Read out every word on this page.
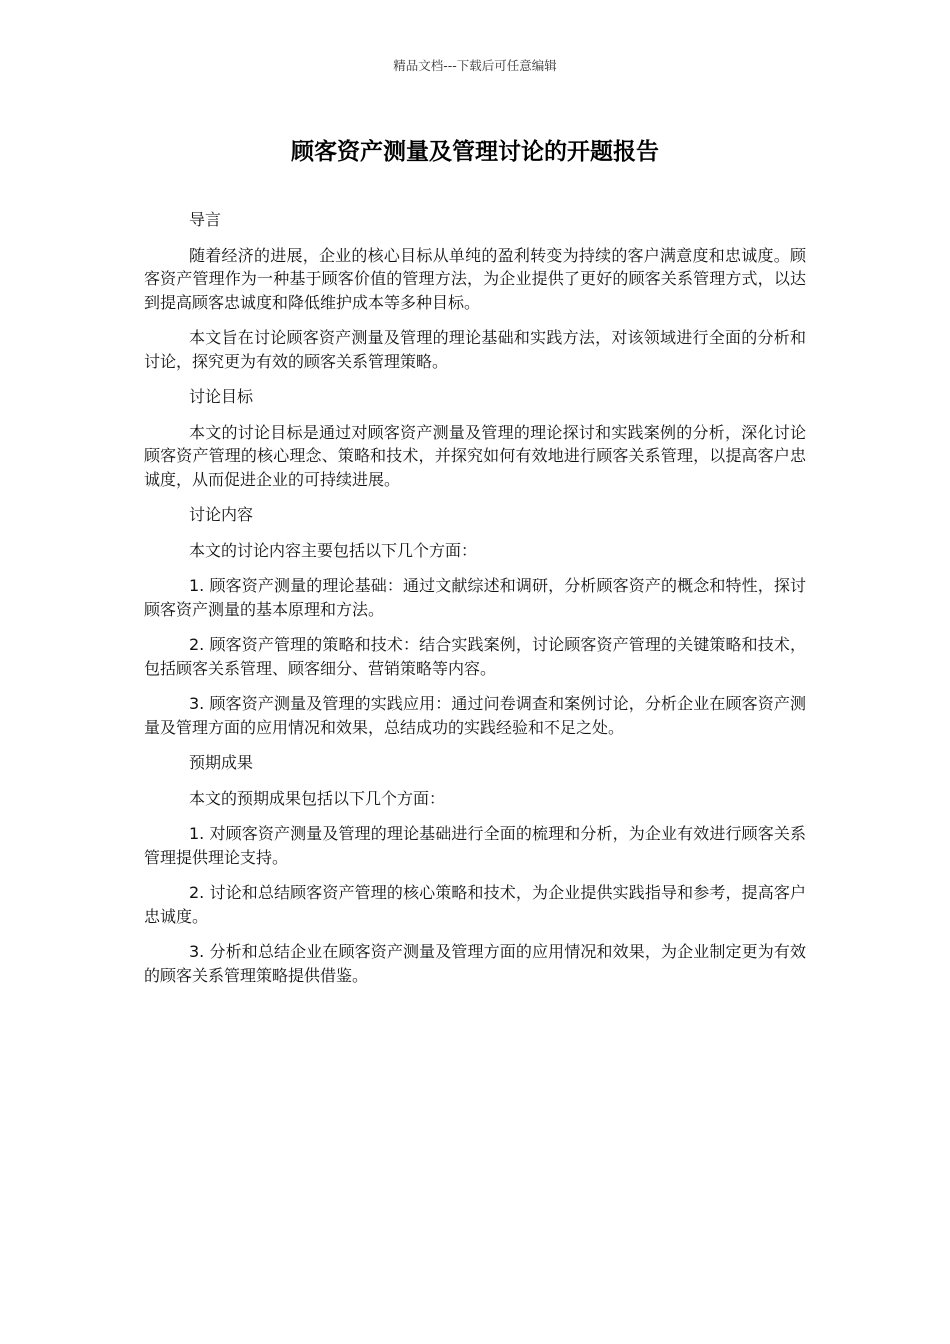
精品文档---下载后可任意编辑
顾客资产测量及管理讨论的开题报告

导言

随着经济的进展，企业的核心目标从单纯的盈利转变为持续的客户满意度和忠诚度。顾客资产管理作为一种基于顾客价值的管理方法，为企业提供了更好的顾客关系管理方式，以达到提高顾客忠诚度和降低维护成本等多种目标。

本文旨在讨论顾客资产测量及管理的理论基础和实践方法，对该领域进行全面的分析和讨论，探究更为有效的顾客关系管理策略。

讨论目标

本文的讨论目标是通过对顾客资产测量及管理的理论探讨和实践案例的分析，深化讨论顾客资产管理的核心理念、策略和技术，并探究如何有效地进行顾客关系管理，以提高客户忠诚度，从而促进企业的可持续进展。

讨论内容

本文的讨论内容主要包括以下几个方面：

1. 顾客资产测量的理论基础：通过文献综述和调研，分析顾客资产的概念和特性，探讨顾客资产测量的基本原理和方法。

2. 顾客资产管理的策略和技术：结合实践案例，讨论顾客资产管理的关键策略和技术，包括顾客关系管理、顾客细分、营销策略等内容。

3. 顾客资产测量及管理的实践应用：通过问卷调查和案例讨论，分析企业在顾客资产测量及管理方面的应用情况和效果，总结成功的实践经验和不足之处。

预期成果

本文的预期成果包括以下几个方面：

1. 对顾客资产测量及管理的理论基础进行全面的梳理和分析，为企业有效进行顾客关系管理提供理论支持。

2. 讨论和总结顾客资产管理的核心策略和技术，为企业提供实践指导和参考，提高客户忠诚度。

3. 分析和总结企业在顾客资产测量及管理方面的应用情况和效果，为企业制定更为有效的顾客关系管理策略提供借鉴。
